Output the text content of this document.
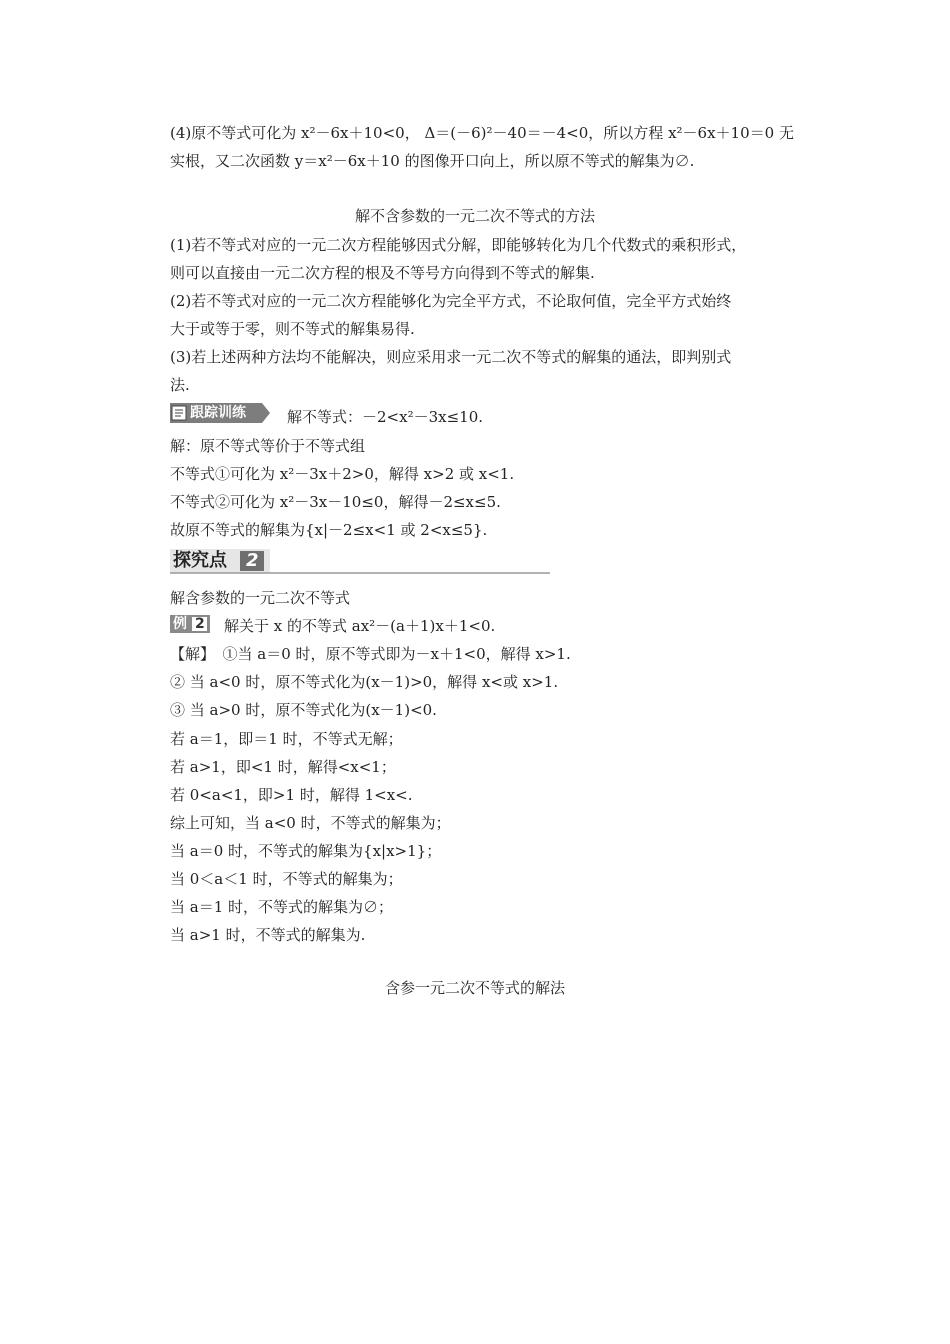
(4)原不等式可化为 x²－6x＋10<0， Δ＝(－6)²－40＝－4<0，所以方程 x²－6x＋10＝0 无
实根，又二次函数 y＝x²－6x＋10 的图像开口向上，所以原不等式的解集为∅.
解不含参数的一元二次不等式的方法
(1)若不等式对应的一元二次方程能够因式分解，即能够转化为几个代数式的乘积形式，
则可以直接由一元二次方程的根及不等号方向得到不等式的解集.
(2)若不等式对应的一元二次方程能够化为完全平方式，不论取何值，完全平方式始终
大于或等于零，则不等式的解集易得.
(3)若上述两种方法均不能解决，则应采用求一元二次不等式的解集的通法，即判别式
法.
跟踪训练	解不等式：－2<x²－3x≤10.
解：原不等式等价于不等式组
不等式①可化为 x²－3x＋2>0，解得 x>2 或 x<1.
不等式②可化为 x²－3x－10≤0，解得－2≤x≤5.
故原不等式的解集为{x|－2≤x<1 或 2<x≤5}.
探究点 2
解含参数的一元二次不等式
例 2 解关于 x 的不等式 ax²－(a＋1)x＋1<0.
【解】　①当 a＝0 时，原不等式即为－x＋1<0，解得 x>1.
② 当 a<0 时，原不等式化为(x－1)>0，解得 x<或 x>1.
③ 当 a>0 时，原不等式化为(x－1)<0.
若 a＝1，即＝1 时，不等式无解；
若 a>1，即<1 时，解得<x<1；
若 0<a<1，即>1 时，解得 1<x<.
综上可知，当 a<0 时，不等式的解集为；
当 a＝0 时，不等式的解集为{x|x>1}；
当 0＜a＜1 时，不等式的解集为；
当 a＝1 时，不等式的解集为∅；
当 a>1 时，不等式的解集为.
含参一元二次不等式的解法
